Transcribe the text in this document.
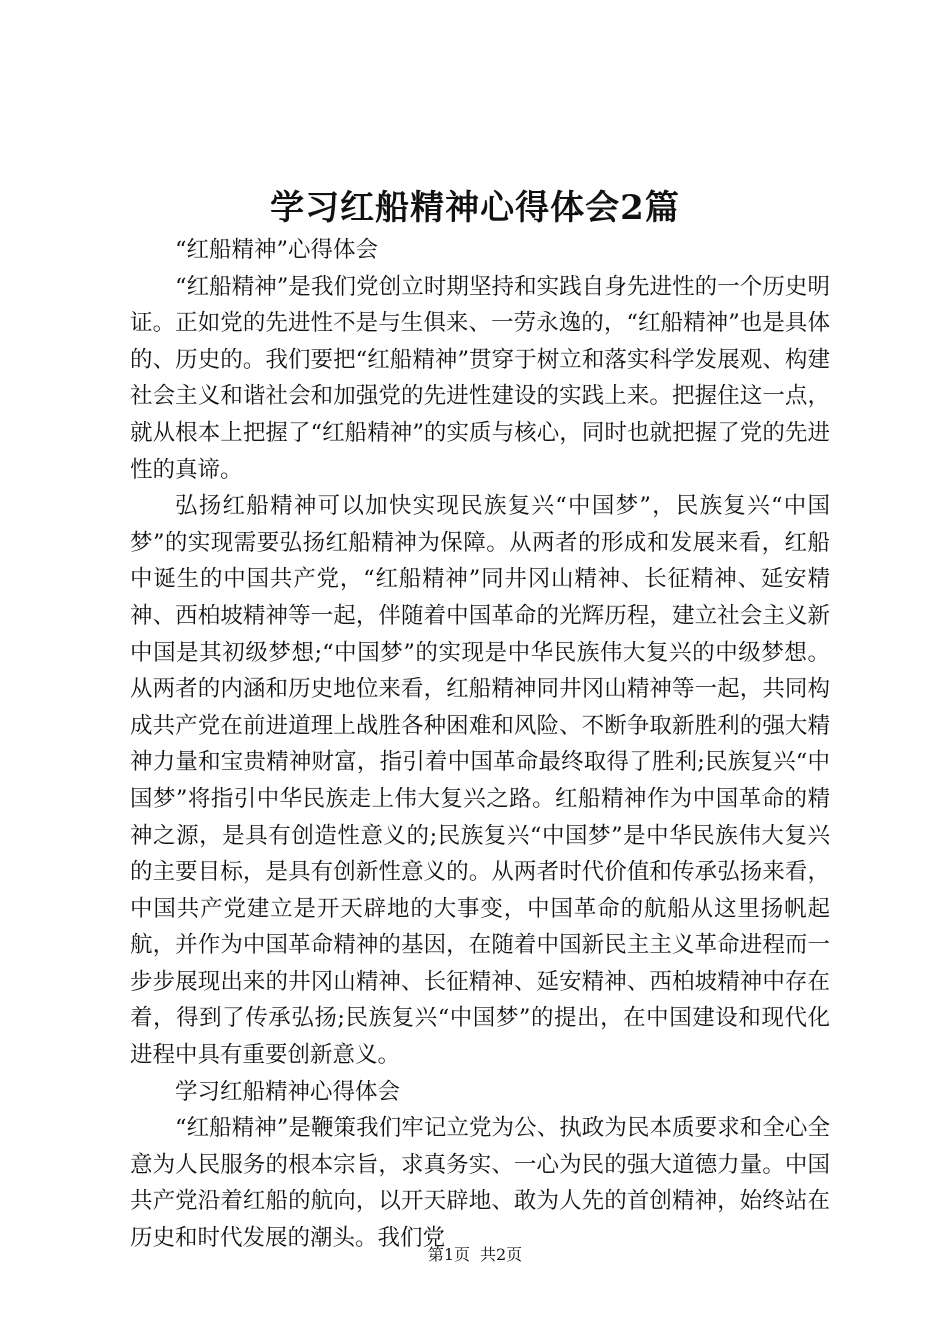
学习红船精神心得体会2篇

“红船精神”心得体会

“红船精神”是我们党创立时期坚持和实践自身先进性的一个历史明证。正如党的先进性不是与生俱来、一劳永逸的，“红船精神”也是具体的、历史的。我们要把“红船精神”贯穿于树立和落实科学发展观、构建社会主义和谐社会和加强党的先进性建设的实践上来。把握住这一点，就从根本上把握了“红船精神”的实质与核心，同时也就把握了党的先进性的真谛。

弘扬红船精神可以加快实现民族复兴“中国梦”，民族复兴“中国梦”的实现需要弘扬红船精神为保障。从两者的形成和发展来看，红船中诞生的中国共产党，“红船精神”同井冈山精神、长征精神、延安精神、西柏坡精神等一起，伴随着中国革命的光辉历程，建立社会主义新中国是其初级梦想;“中国梦”的实现是中华民族伟大复兴的中级梦想。从两者的内涵和历史地位来看，红船精神同井冈山精神等一起，共同构成共产党在前进道理上战胜各种困难和风险、不断争取新胜利的强大精神力量和宝贵精神财富，指引着中国革命最终取得了胜利;民族复兴“中国梦”将指引中华民族走上伟大复兴之路。红船精神作为中国革命的精神之源，是具有创造性意义的;民族复兴“中国梦”是中华民族伟大复兴的主要目标，是具有创新性意义的。从两者时代价值和传承弘扬来看，中国共产党建立是开天辟地的大事变，中国革命的航船从这里扬帆起航，并作为中国革命精神的基因，在随着中国新民主主义革命进程而一步步展现出来的井冈山精神、长征精神、延安精神、西柏坡精神中存在着，得到了传承弘扬;民族复兴“中国梦”的提出，在中国建设和现代化进程中具有重要创新意义。

学习红船精神心得体会

“红船精神”是鞭策我们牢记立党为公、执政为民本质要求和全心全意为人民服务的根本宗旨，求真务实、一心为民的强大道德力量。中国共产党沿着红船的航向，以开天辟地、敢为人先的首创精神，始终站在历史和时代发展的潮头。我们党

第1页 共2页
